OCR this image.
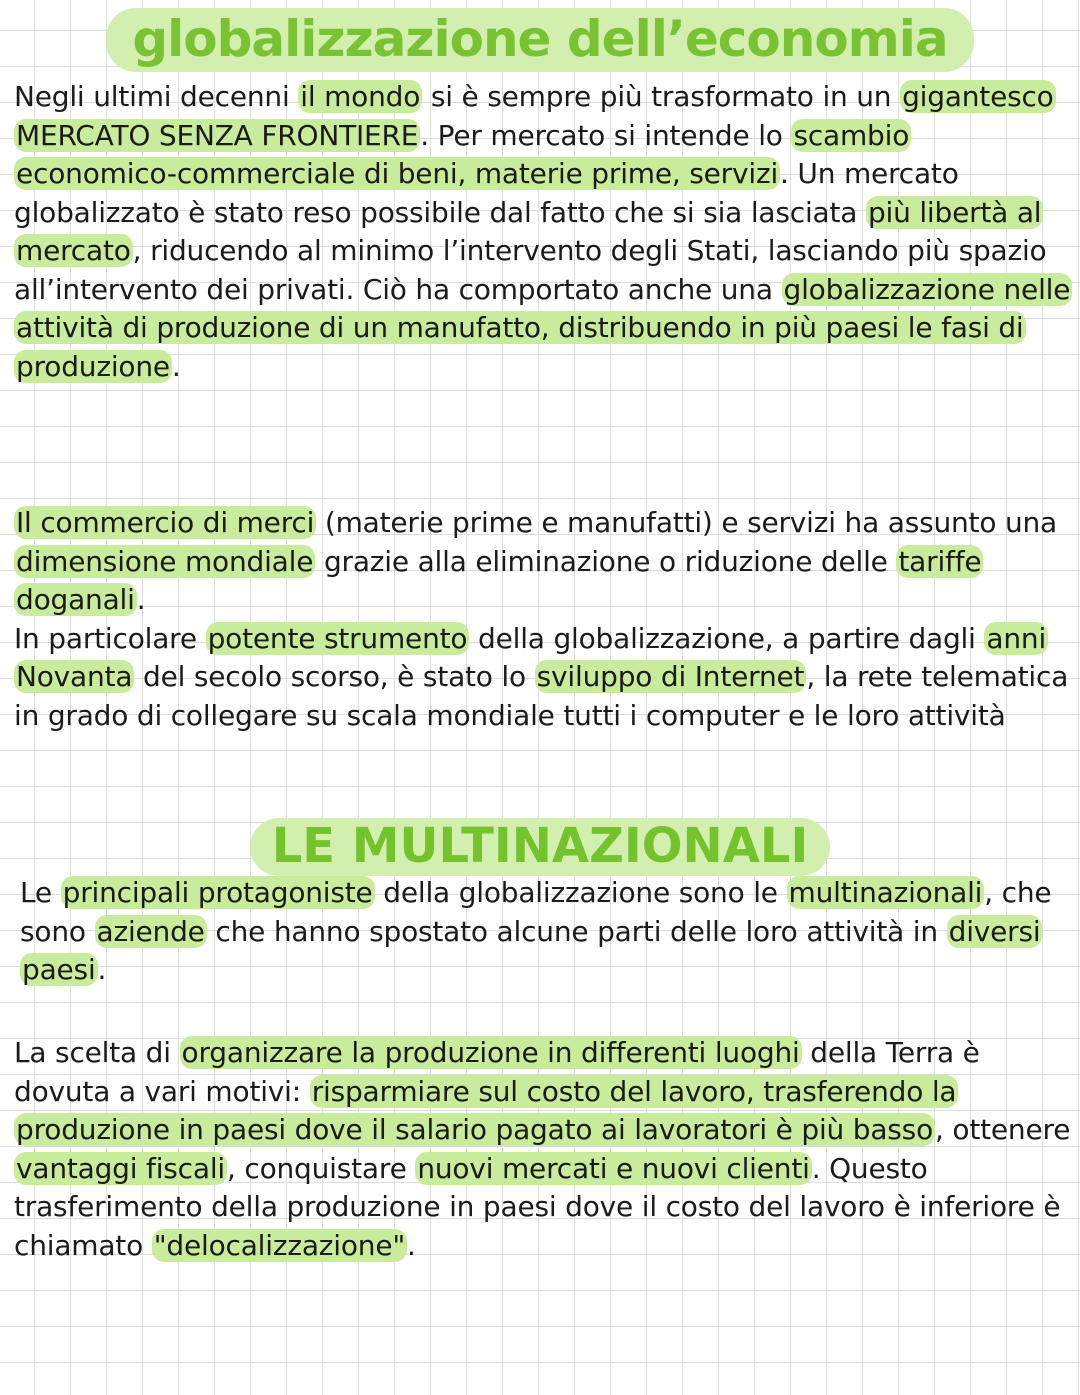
globalizzazione dell’economia

Negli ultimi decenni il mondo si è sempre più trasformato in un gigantesco MERCATO SENZA FRONTIERE. Per mercato si intende lo scambio economico-commerciale di beni, materie prime, servizi. Un mercato globalizzato è stato reso possibile dal fatto che si sia lasciata più libertà al mercato, riducendo al minimo l’intervento degli Stati, lasciando più spazio all’intervento dei privati. Ciò ha comportato anche una globalizzazione nelle attività di produzione di un manufatto, distribuendo in più paesi le fasi di produzione.

Il commercio di merci (materie prime e manufatti) e servizi ha assunto una dimensione mondiale grazie alla eliminazione o riduzione delle tariffe doganali.
In particolare potente strumento della globalizzazione, a partire dagli anni Novanta del secolo scorso, è stato lo sviluppo di Internet, la rete telematica in grado di collegare su scala mondiale tutti i computer e le loro attività

LE MULTINAZIONALI

Le principali protagoniste della globalizzazione sono le multinazionali, che sono aziende che hanno spostato alcune parti delle loro attività in diversi paesi.

La scelta di organizzare la produzione in differenti luoghi della Terra è dovuta a vari motivi: risparmiare sul costo del lavoro, trasferendo la produzione in paesi dove il salario pagato ai lavoratori è più basso, ottenere vantaggi fiscali, conquistare nuovi mercati e nuovi clienti. Questo trasferimento della produzione in paesi dove il costo del lavoro è inferiore è chiamato "delocalizzazione".
